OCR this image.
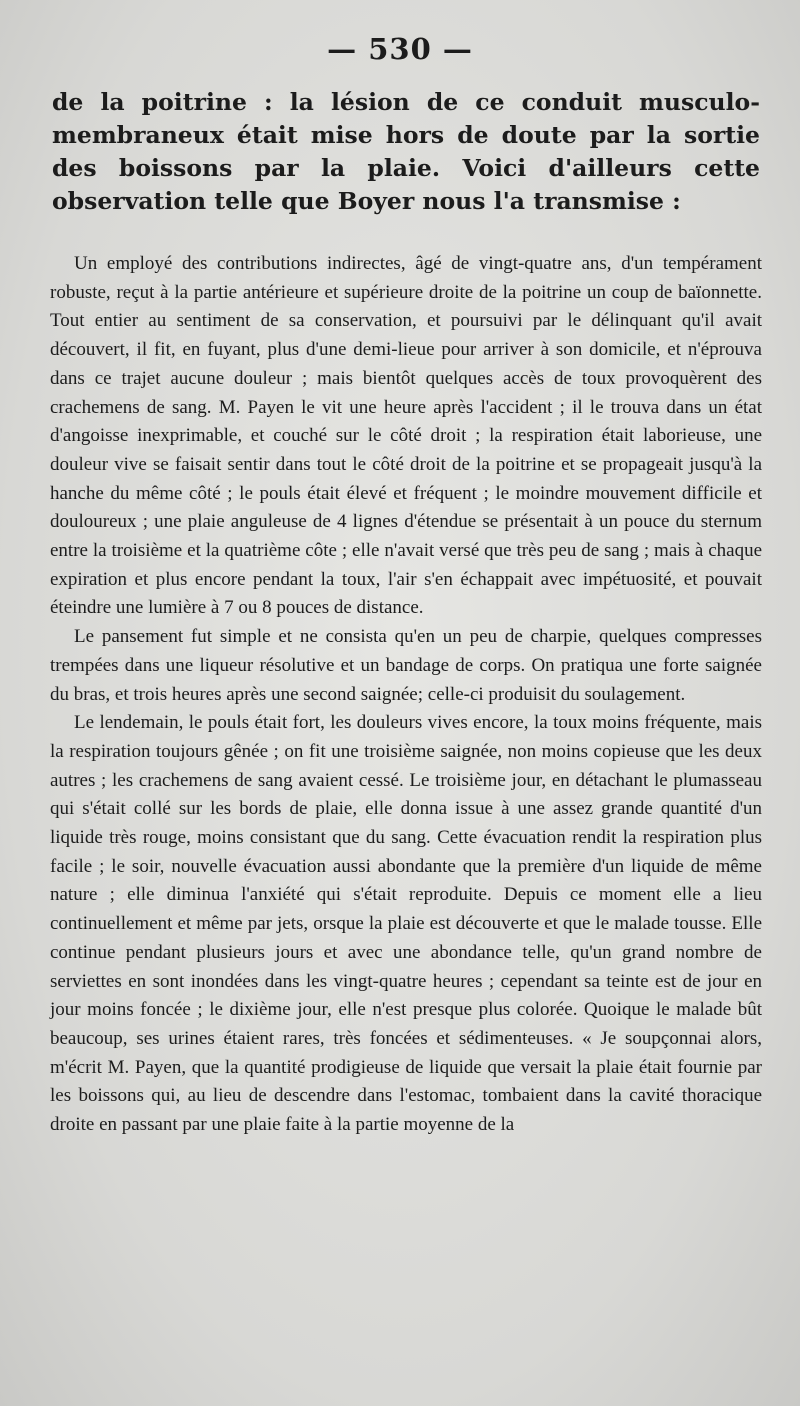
— 530 —

de la poitrine : la lésion de ce conduit musculo-membraneux était mise hors de doute par la sortie des boissons par la plaie. Voici d'ailleurs cette observation telle que Boyer nous l'a transmise :

Un employé des contributions indirectes, âgé de vingt-quatre ans, d'un tempérament robuste, reçut à la partie antérieure et supérieure droite de la poitrine un coup de baïonnette. Tout entier au sentiment de sa conservation, et poursuivi par le délinquant qu'il avait découvert, il fit, en fuyant, plus d'une demi-lieue pour arriver à son domicile, et n'éprouva dans ce trajet aucune douleur ; mais bientôt quelques accès de toux provoquèrent des crachemens de sang. M. Payen le vit une heure après l'accident ; il le trouva dans un état d'angoisse inexprimable, et couché sur le côté droit ; la respiration était laborieuse, une douleur vive se faisait sentir dans tout le côté droit de la poitrine et se propageait jusqu'à la hanche du même côté ; le pouls était élevé et fréquent ; le moindre mouvement difficile et douloureux ; une plaie anguleuse de 4 lignes d'étendue se présentait à un pouce du sternum entre la troisième et la quatrième côte ; elle n'avait versé que très peu de sang ; mais à chaque expiration et plus encore pendant la toux, l'air s'en échappait avec impétuosité, et pouvait éteindre une lumière à 7 ou 8 pouces de distance.

Le pansement fut simple et ne consista qu'en un peu de charpie, quelques compresses trempées dans une liqueur résolutive et un bandage de corps. On pratiqua une forte saignée du bras, et trois heures après une second saignée; celle-ci produisit du soulagement.

Le lendemain, le pouls était fort, les douleurs vives encore, la toux moins fréquente, mais la respiration toujours gênée ; on fit une troisième saignée, non moins copieuse que les deux autres ; les crachemens de sang avaient cessé. Le troisième jour, en détachant le plumasseau qui s'était collé sur les bords de plaie, elle donna issue à une assez grande quantité d'un liquide très rouge, moins consistant que du sang. Cette évacuation rendit la respiration plus facile ; le soir, nouvelle évacuation aussi abondante que la première d'un liquide de même nature ; elle diminua l'anxiété qui s'était reproduite. Depuis ce moment elle a lieu continuellement et même par jets, orsque la plaie est découverte et que le malade tousse. Elle continue pendant plusieurs jours et avec une abondance telle, qu'un grand nombre de serviettes en sont inondées dans les vingt-quatre heures ; cependant sa teinte est de jour en jour moins foncée ; le dixième jour, elle n'est presque plus colorée. Quoique le malade bût beaucoup, ses urines étaient rares, très foncées et sédimenteuses. « Je soupçonnai alors, m'écrit M. Payen, que la quantité prodigieuse de liquide que versait la plaie était fournie par les boissons qui, au lieu de descendre dans l'estomac, tombaient dans la cavité thoracique droite en passant par une plaie faite à la partie moyenne de la
